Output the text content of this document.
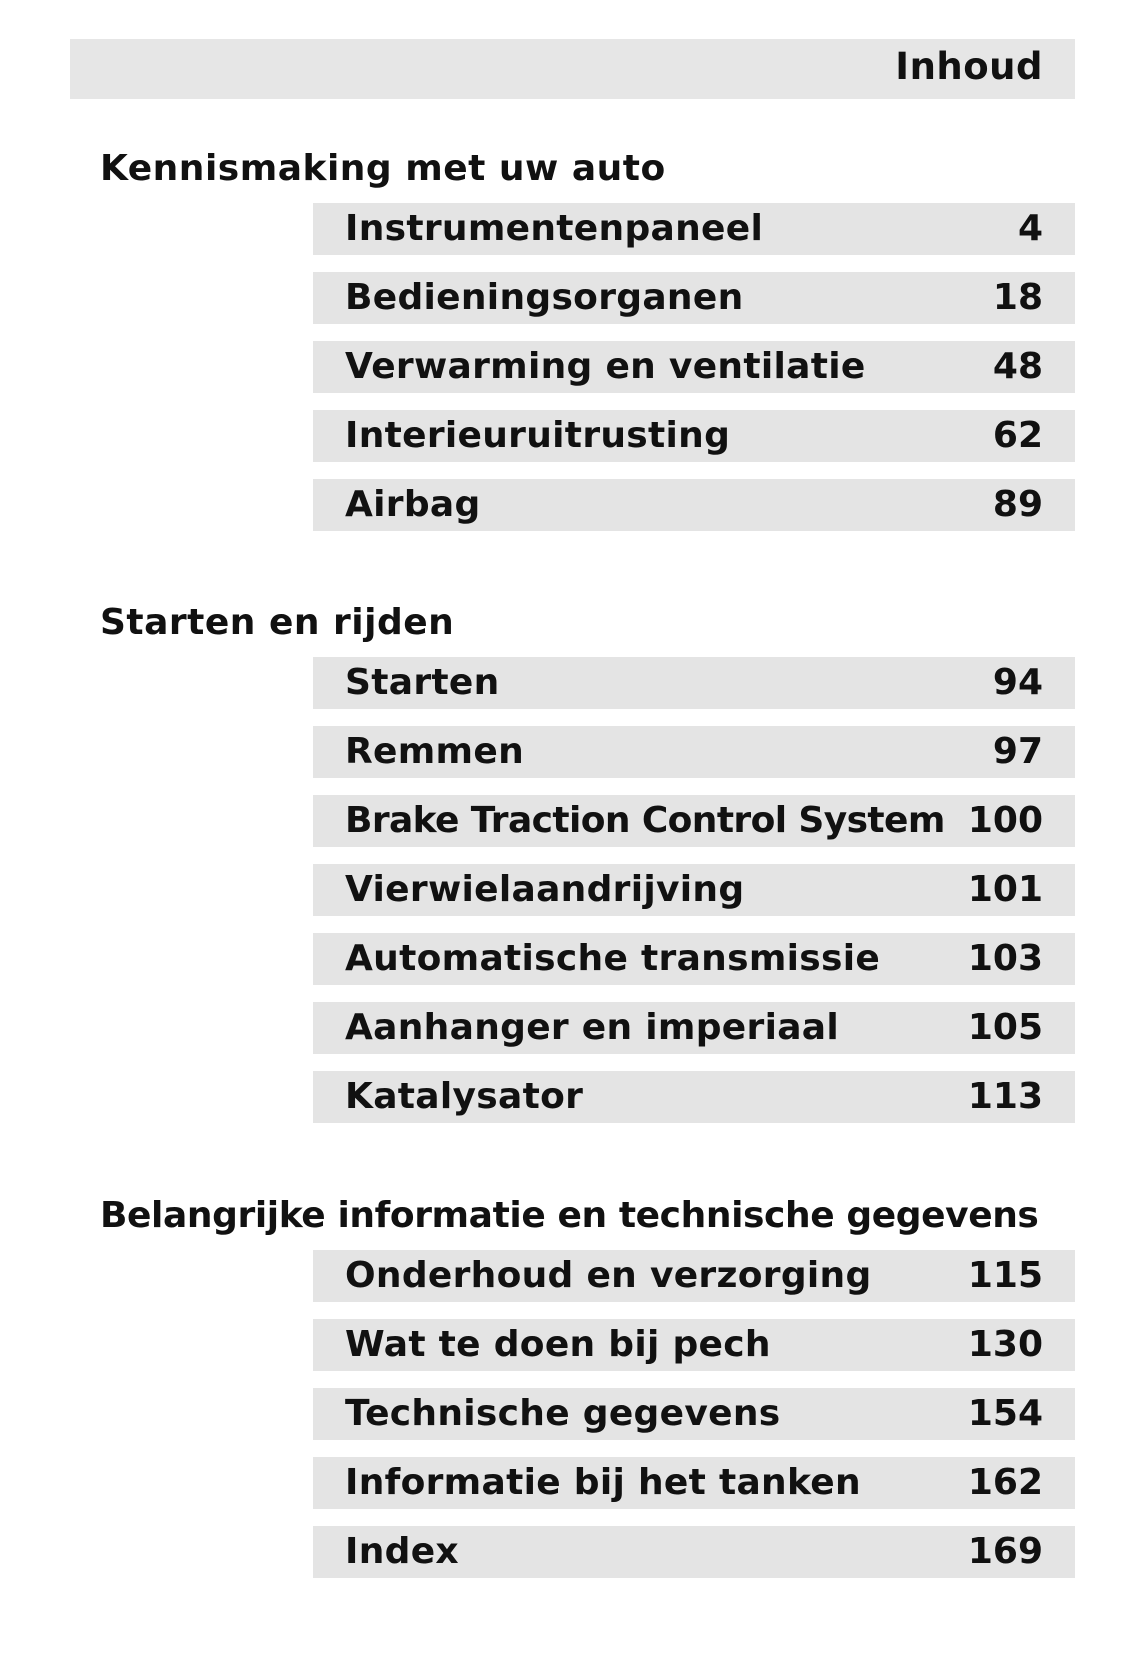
Inhoud
Kennismaking met uw auto
Instrumentenpaneel	4
Bedieningsorganen	18
Verwarming en ventilatie	48
Interieuruitrusting	62
Airbag	89
Starten en rijden
Starten	94
Remmen	97
Brake Traction Control System 100
Vierwielaandrijving	101
Automatische transmissie 103
Aanhanger en imperiaal	105
Katalysator	113
Belangrijke informatie en technische gegevens
Onderhoud en verzorging	115
Wat te doen bij pech	130
Technische gegevens	154
Informatie bij het tanken	162
Index	169
